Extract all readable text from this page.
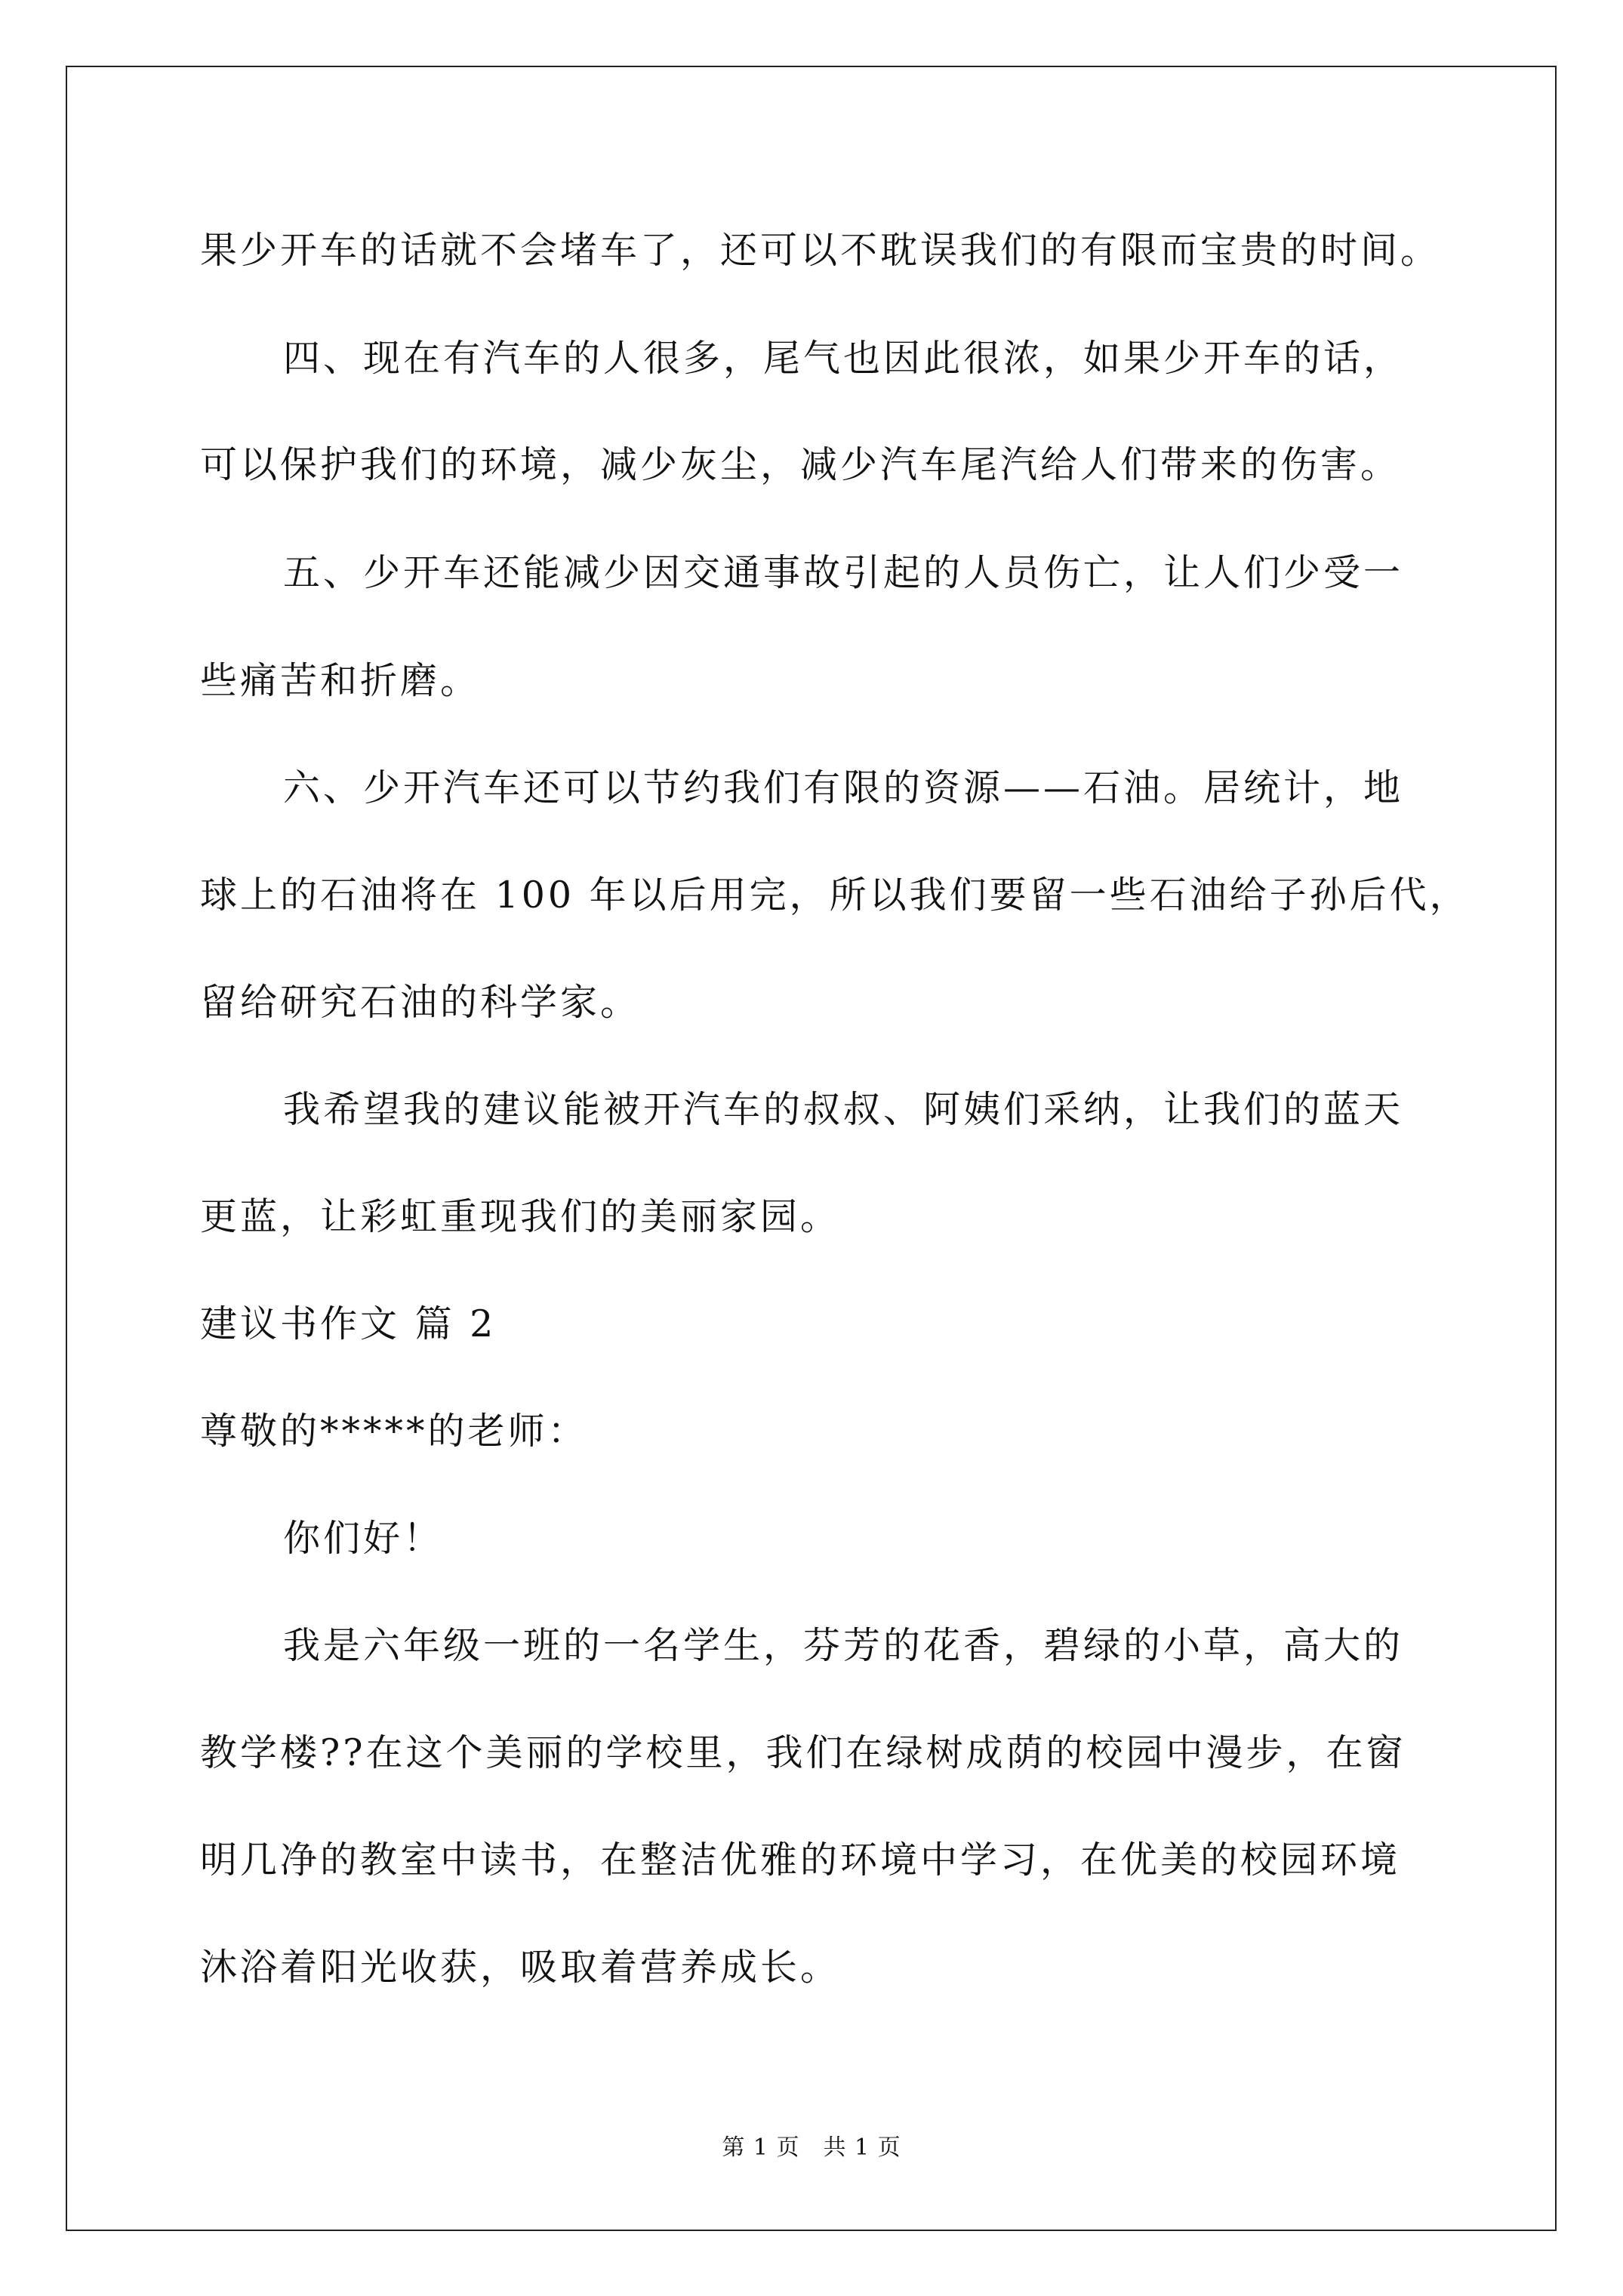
果少开车的话就不会堵车了，还可以不耽误我们的有限而宝贵的时间。
四、现在有汽车的人很多，尾气也因此很浓，如果少开车的话，
可以保护我们的环境，减少灰尘，减少汽车尾汽给人们带来的伤害。
五、少开车还能减少因交通事故引起的人员伤亡，让人们少受一
些痛苦和折磨。
六、少开汽车还可以节约我们有限的资源——石油。居统计，地
球上的石油将在 100 年以后用完，所以我们要留一些石油给子孙后代，
留给研究石油的科学家。
我希望我的建议能被开汽车的叔叔、阿姨们采纳，让我们的蓝天
更蓝，让彩虹重现我们的美丽家园。
建议书作文 篇 2
尊敬的*****的老师：
你们好！
我是六年级一班的一名学生，芬芳的花香，碧绿的小草，高大的
教学楼??在这个美丽的学校里，我们在绿树成荫的校园中漫步，在窗
明几净的教室中读书，在整洁优雅的环境中学习，在优美的校园环境
沐浴着阳光收获，吸取着营养成长。
第 1 页　共 1 页
